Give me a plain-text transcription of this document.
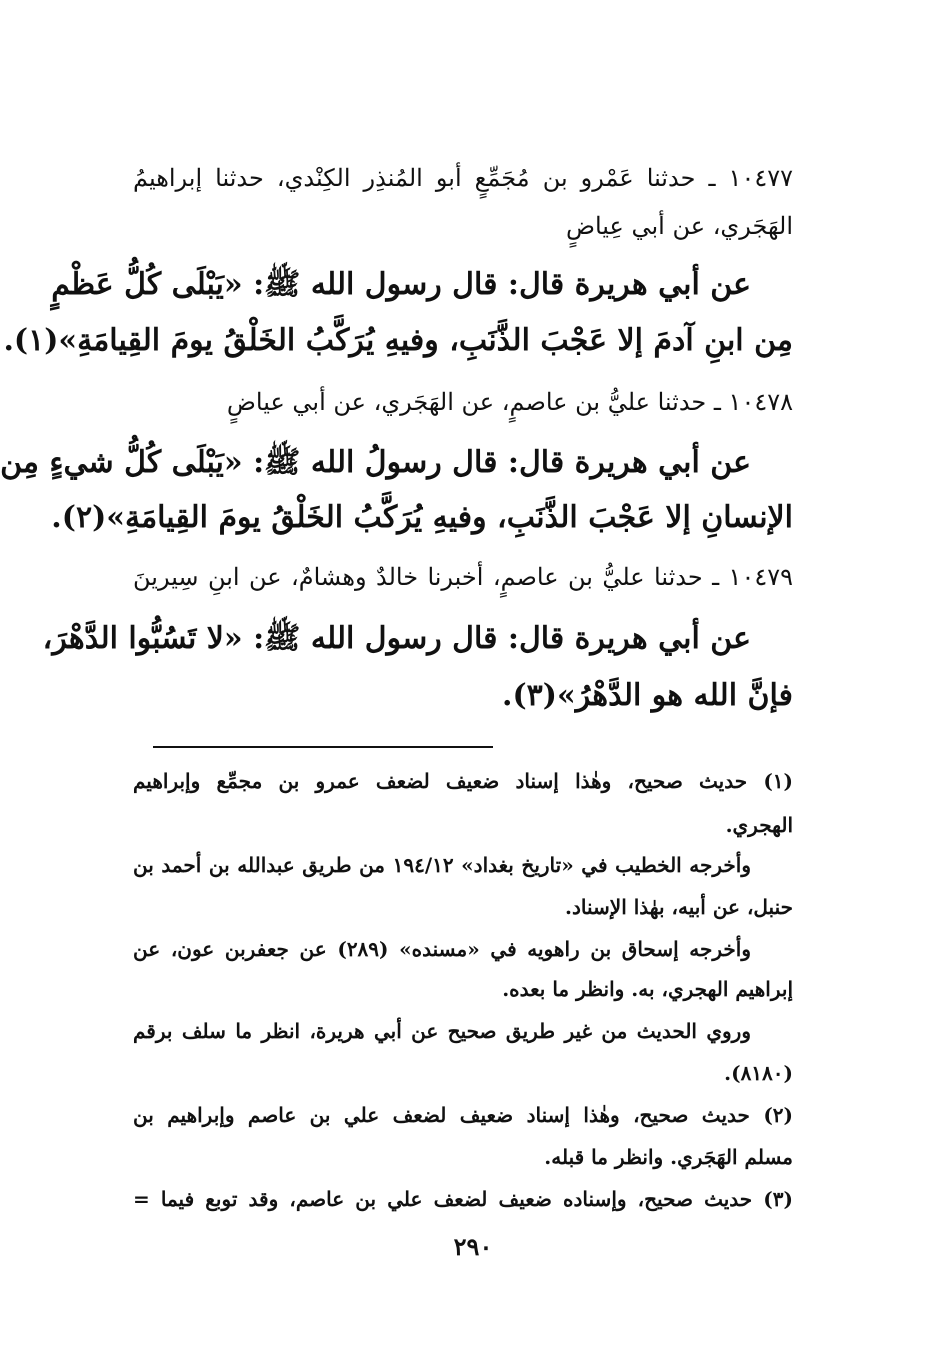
١٠٤٧٧ ـ حدثنا عَمْرو بن مُجَمِّعٍ أبو المُنذِر الكِنْدي، حدثنا إبراهيمُ
الهَجَري، عن أبي عِياضٍ
عن أبي هريرة قال: قال رسول الله ﷺ: «يَبْلَى كُلُّ عَظْمٍ
مِن ابنِ آدمَ إلا عَجْبَ الذَّنَبِ، وفيهِ يُرَكَّبُ الخَلْقُ يومَ القِيامَةِ»(١).
١٠٤٧٨ ـ حدثنا عليُّ بن عاصمٍ، عن الهَجَري، عن أبي عياضٍ
عن أبي هريرة قال: قال رسولُ الله ﷺ: «يَبْلَى كُلُّ شيءٍ مِن
الإنسانِ إلا عَجْبَ الذَّنَبِ، وفيهِ يُرَكَّبُ الخَلْقُ يومَ القِيامَةِ»(٢).
١٠٤٧٩ ـ حدثنا عليُّ بن عاصمٍ، أخبرنا خالدٌ وهشامٌ، عن ابنِ سِيرينَ
عن أبي هريرة قال: قال رسول الله ﷺ: «لا تَسُبُّوا الدَّهْرَ،
فإنَّ الله هو الدَّهْرُ»(٣).
(١) حديث صحيح، وهٰذا إسناد ضعيف لضعف عمرو بن مجمِّع وإبراهيم
الهجري.
وأخرجه الخطيب في «تاريخ بغداد» ١٩٤/١٢ من طريق عبدالله بن أحمد بن
حنبل، عن أبيه، بهٰذا الإسناد.
وأخرجه إسحاق بن راهويه في «مسنده» (٢٨٩) عن جعفربن عون، عن
إبراهيم الهجري، به. وانظر ما بعده.
وروي الحديث من غير طريق صحيح عن أبي هريرة، انظر ما سلف برقم
(٨١٨٠).
(٢) حديث صحيح، وهٰذا إسناد ضعيف لضعف علي بن عاصم وإبراهيم بن
مسلم الهَجَري. وانظر ما قبله.
(٣) حديث صحيح، وإسناده ضعيف لضعف علي بن عاصم، وقد توبع فيما =
٢٩٠
